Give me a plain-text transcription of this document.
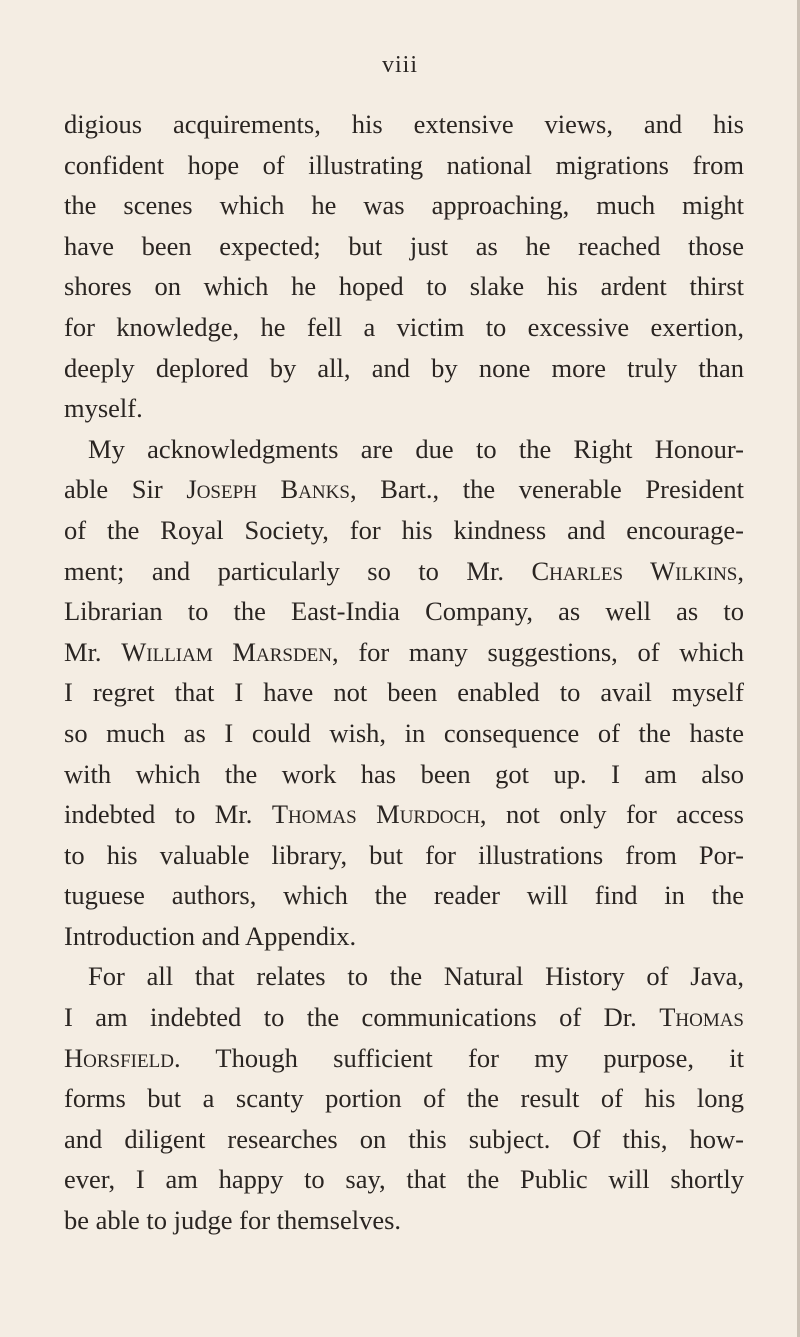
viii
digious acquirements, his extensive views, and his
confident hope of illustrating national migrations from
the scenes which he was approaching, much might
have been expected; but just as he reached those
shores on which he hoped to slake his ardent thirst
for knowledge, he fell a victim to excessive exertion,
deeply deplored by all, and by none more truly than
myself.
My acknowledgments are due to the Right Honour-
able Sir Joseph Banks, Bart., the venerable President
of the Royal Society, for his kindness and encourage-
ment; and particularly so to Mr. Charles Wilkins,
Librarian to the East-India Company, as well as to
Mr. William Marsden, for many suggestions, of which
I regret that I have not been enabled to avail myself
so much as I could wish, in consequence of the haste
with which the work has been got up. I am also
indebted to Mr. Thomas Murdoch, not only for access
to his valuable library, but for illustrations from Por-
tuguese authors, which the reader will find in the
Introduction and Appendix.
For all that relates to the Natural History of Java,
I am indebted to the communications of Dr. Thomas
Horsfield. Though sufficient for my purpose, it
forms but a scanty portion of the result of his long
and diligent researches on this subject. Of this, how-
ever, I am happy to say, that the Public will shortly
be able to judge for themselves.
